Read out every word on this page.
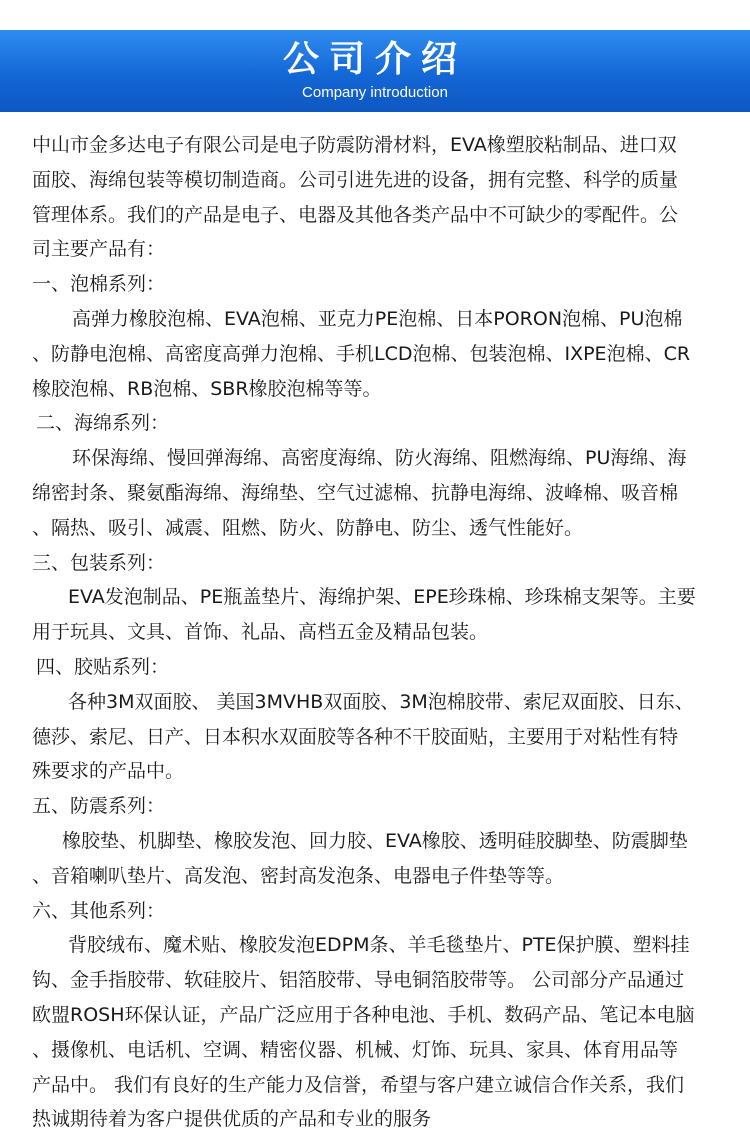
公司介绍
Company introduction
中山市金多达电子有限公司是电子防震防滑材料，EVA橡塑胶粘制品、进口双
面胶、海绵包装等模切制造商。公司引进先进的设备，拥有完整、科学的质量
管理体系。我们的产品是电子、电器及其他各类产品中不可缺少的零配件。公
司主要产品有：
一、泡棉系列：
高弹力橡胶泡棉、EVA泡棉、亚克力PE泡棉、日本PORON泡棉、PU泡棉
、防静电泡棉、高密度高弹力泡棉、手机LCD泡棉、包装泡棉、IXPE泡棉、CR
橡胶泡棉、RB泡棉、SBR橡胶泡棉等等。
二、海绵系列：
环保海绵、慢回弹海绵、高密度海绵、防火海绵、阻燃海绵、PU海绵、海
绵密封条、聚氨酯海绵、海绵垫、空气过滤棉、抗静电海绵、波峰棉、吸音棉
、隔热、吸引、减震、阻燃、防火、防静电、防尘、透气性能好。
三、包装系列：
EVA发泡制品、PE瓶盖垫片、海绵护架、EPE珍珠棉、珍珠棉支架等。主要
用于玩具、文具、首饰、礼品、高档五金及精品包装。
四、胶贴系列：
各种3M双面胶、 美国3MVHB双面胶、3M泡棉胶带、索尼双面胶、日东、
德莎、索尼、日产、日本积水双面胶等各种不干胶面贴，主要用于对粘性有特
殊要求的产品中。
五、防震系列：
橡胶垫、机脚垫、橡胶发泡、回力胶、EVA橡胶、透明硅胶脚垫、防震脚垫
、音箱喇叭垫片、高发泡、密封高发泡条、电器电子件垫等等。
六、其他系列：
背胶绒布、魔术贴、橡胶发泡EDPM条、羊毛毯垫片、PTE保护膜、塑料挂
钩、金手指胶带、软硅胶片、铝箔胶带、导电铜箔胶带等。 公司部分产品通过
欧盟ROSH环保认证，产品广泛应用于各种电池、手机、数码产品、笔记本电脑
、摄像机、电话机、空调、精密仪器、机械、灯饰、玩具、家具、体育用品等
产品中。 我们有良好的生产能力及信誉，希望与客户建立诚信合作关系，我们
热诚期待着为客户提供优质的产品和专业的服务
